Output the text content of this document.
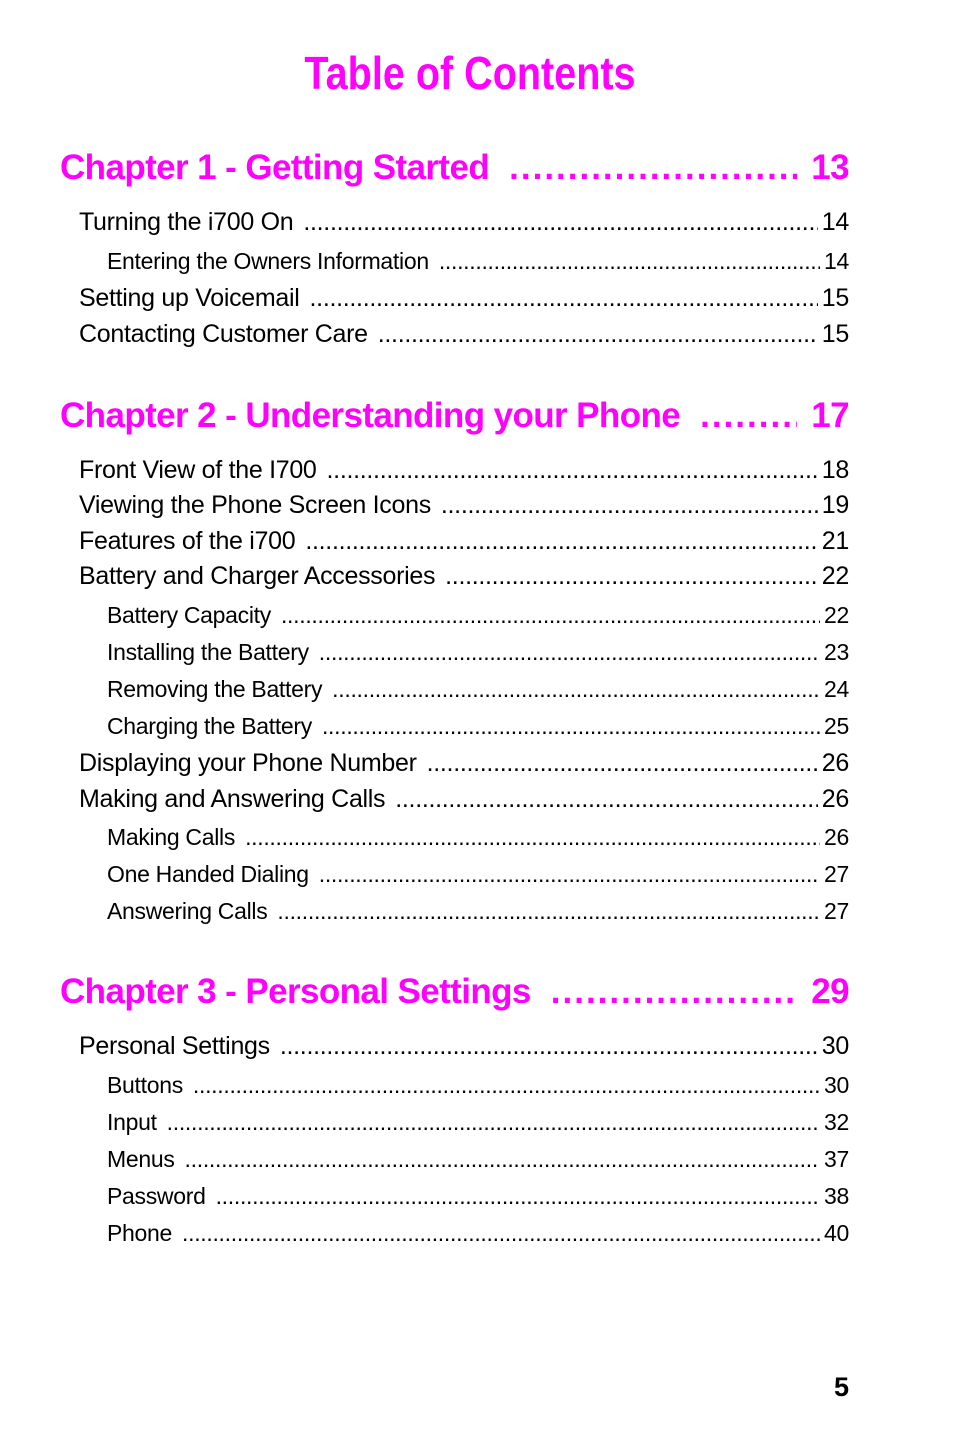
Table of Contents
Chapter 1 - Getting Started .....	13
Turning the i700 On .....	14
Entering the Owners Information .....	14
Setting up Voicemail .....	15
Contacting Customer Care .....	15
Chapter 2 - Understanding your Phone .....	17
Front View of the I700 .....	18
Viewing the Phone Screen Icons .....	19
Features of the i700 .....	21
Battery and Charger Accessories .....	22
Battery Capacity .....	22
Installing the Battery .....	23
Removing the Battery .....	24
Charging the Battery .....	25
Displaying your Phone Number .....	26
Making and Answering Calls .....	26
Making Calls .....	26
One Handed Dialing .....	27
Answering Calls .....	27
Chapter 3 - Personal Settings .....	29
Personal Settings .....	30
Buttons .....	30
Input .....	32
Menus .....	37
Password .....	38
Phone .....	40
5
